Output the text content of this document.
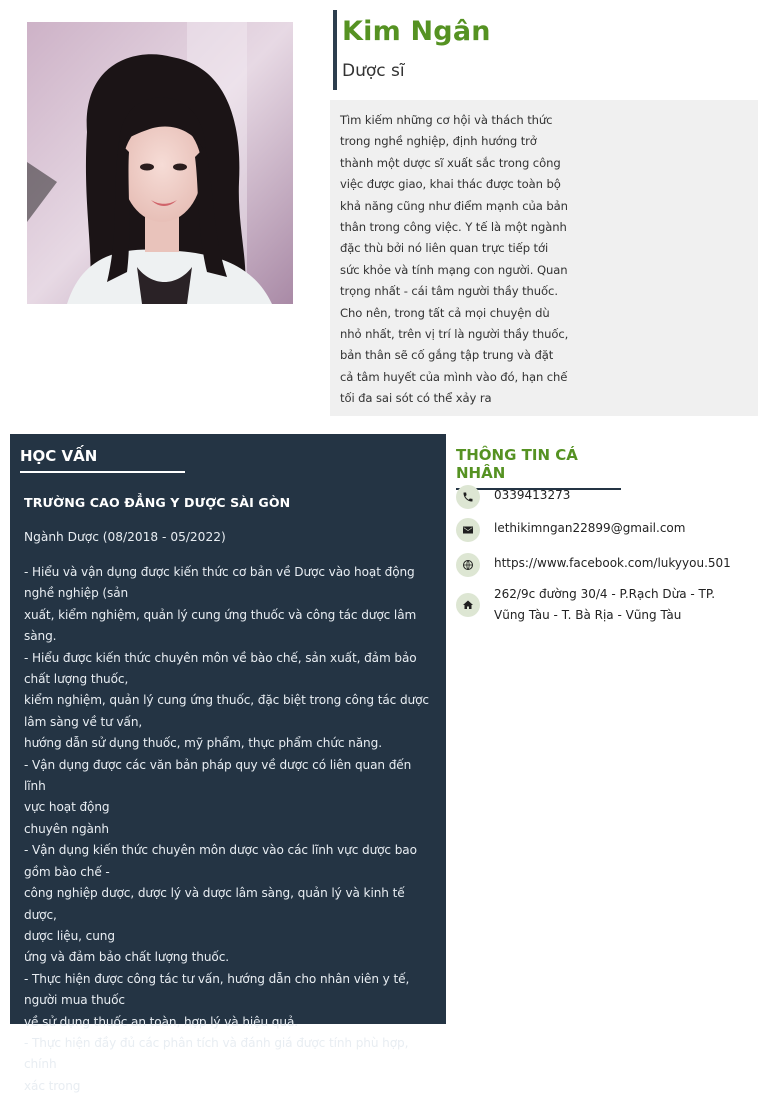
Kim Ngân
Dược sĩ

Tìm kiếm những cơ hội và thách thức
trong nghề nghiệp, định hướng trở
thành một dược sĩ xuất sắc trong công
việc được giao, khai thác được toàn bộ
khả năng cũng như điểm mạnh của bản
thân trong công việc. Y tế là một ngành
đặc thù bởi nó liên quan trực tiếp tới
sức khỏe và tính mạng con người. Quan
trọng nhất - cái tâm người thầy thuốc.
Cho nên, trong tất cả mọi chuyện dù
nhỏ nhất, trên vị trí là người thầy thuốc,
bản thân sẽ cố gắng tập trung và đặt
cả tâm huyết của mình vào đó, hạn chế
tối đa sai sót có thể xảy ra

HỌC VẤN
TRƯỜNG CAO ĐẲNG Y DƯỢC SÀI GÒN
Ngành Dược (08/2018 - 05/2022)
- Hiểu và vận dụng được kiến thức cơ bản về Dược vào hoạt động
nghề nghiệp (sản
xuất, kiểm nghiệm, quản lý cung ứng thuốc và công tác dược lâm
sàng.
- Hiểu được kiến thức chuyên môn về bào chế, sản xuất, đảm bảo
chất lượng thuốc,
kiểm nghiệm, quản lý cung ứng thuốc, đặc biệt trong công tác dược
lâm sàng về tư vấn,
hướng dẫn sử dụng thuốc, mỹ phẩm, thực phẩm chức năng.
- Vận dụng được các văn bản pháp quy về dược có liên quan đến lĩnh
vực hoạt động
chuyên ngành
- Vận dụng kiến thức chuyên môn dược vào các lĩnh vực dược bao
gồm bào chế -
công nghiệp dược, dược lý và dược lâm sàng, quản lý và kinh tế dược,
dược liệu, cung
ứng và đảm bảo chất lượng thuốc.
- Thực hiện được công tác tư vấn, hướng dẫn cho nhân viên y tế,
người mua thuốc
về sử dụng thuốc an toàn, hợp lý và hiệu quả.
- Thực hiện đầy đủ các phân tích và đánh giá được tính phù hợp, chính
xác trong
THÔNG TIN CÁ NHÂN
0339413273
lethikimngan22899@gmail.com
https://www.facebook.com/lukyyou.501
262/9c đường 30/4 - P.Rạch Dừa - TP.
Vũng Tàu - T. Bà Rịa - Vũng Tàu
